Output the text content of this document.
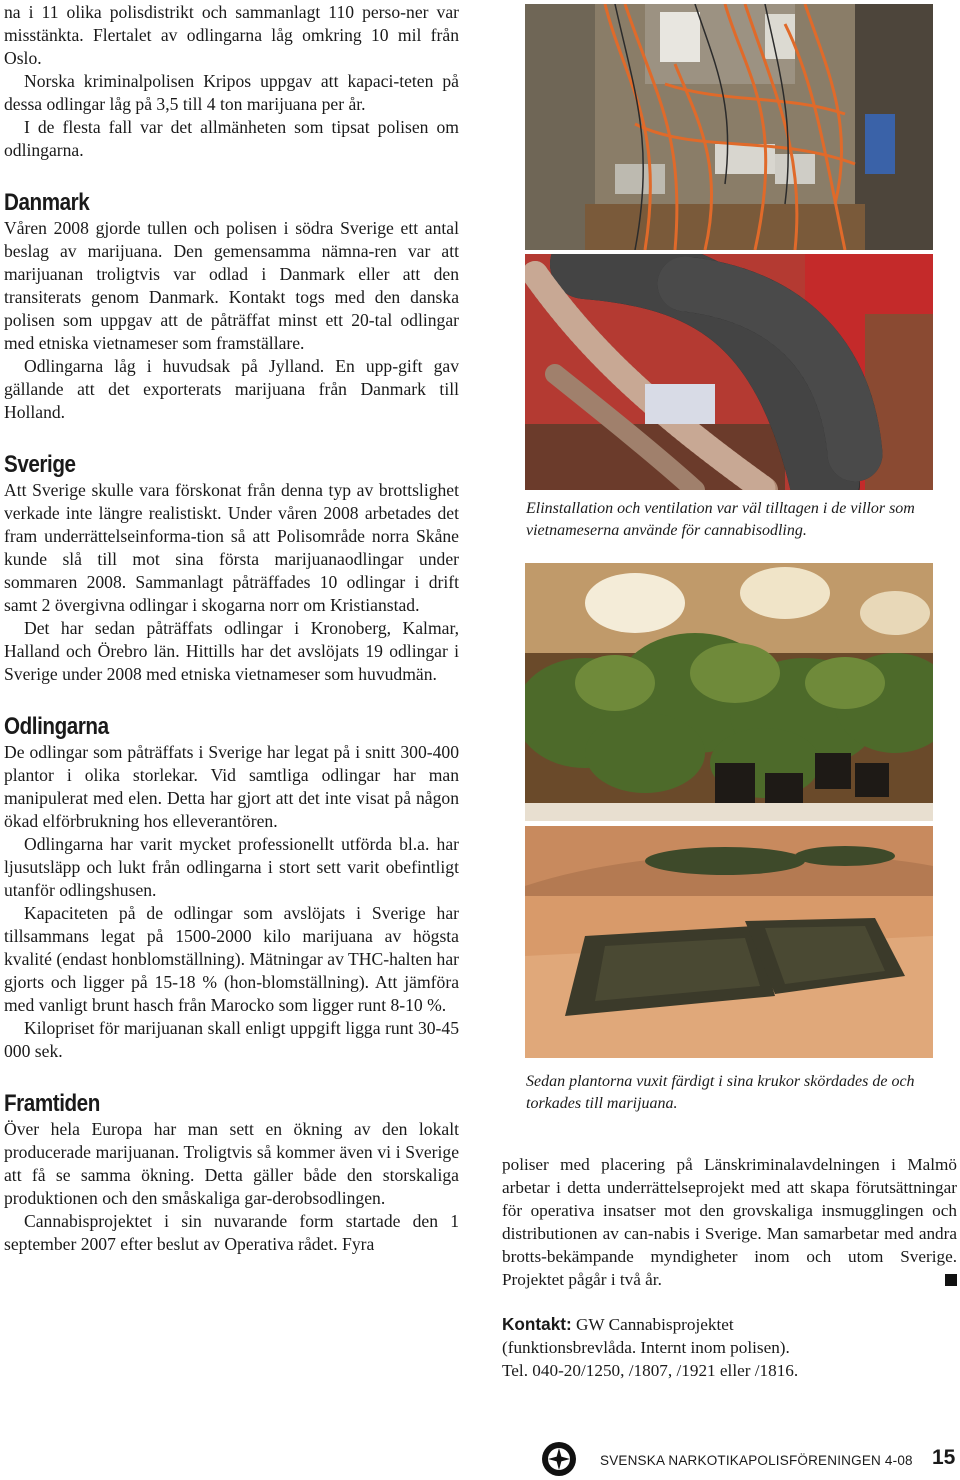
na i 11 olika polisdistrikt och sammanlagt 110 perso-ner var misstänkta. Flertalet av odlingarna låg omkring 10 mil från Oslo.

Norska kriminalpolisen Kripos uppgav att kapaci-teten på dessa odlingar låg på 3,5 till 4 ton marijuana per år.

I de flesta fall var det allmänheten som tipsat polisen om odlingarna.

Danmark

Våren 2008 gjorde tullen och polisen i södra Sverige ett antal beslag av marijuana. Den gemensamma nämna-ren var att marijuanan troligtvis var odlad i Danmark eller att den transiterats genom Danmark. Kontakt togs med den danska polisen som uppgav att de påträffat minst ett 20-tal odlingar med etniska vietnameser som framställare.

Odlingarna låg i huvudsak på Jylland. En upp-gift gav gällande att det exporterats marijuana från Danmark till Holland.

Sverige

Att Sverige skulle vara förskonat från denna typ av brottslighet verkade inte längre realistiskt. Under våren 2008 arbetades det fram underrättelseinforma-tion så att Polisområde norra Skåne kunde slå till mot sina första marijuanaodlingar under sommaren 2008. Sammanlagt påträffades 10 odlingar i drift samt 2 övergivna odlingar i skogarna norr om Kristianstad.

Det har sedan påträffats odlingar i Kronoberg, Kalmar, Halland och Örebro län. Hittills har det avslöjats 19 odlingar i Sverige under 2008 med etniska vietnameser som huvudmän.

Odlingarna

De odlingar som påträffats i Sverige har legat på i snitt 300-400 plantor i olika storlekar. Vid samtliga odlingar har man manipulerat med elen. Detta har gjort att det inte visat på någon ökad elförbrukning hos elleverantören.

Odlingarna har varit mycket professionellt utförda bl.a. har ljusutsläpp och lukt från odlingarna i stort sett varit obefintligt utanför odlingshusen.

Kapaciteten på de odlingar som avslöjats i Sverige har tillsammans legat på 1500-2000 kilo marijuana av högsta kvalité (endast honblomställning). Mätningar av THC-halten har gjorts och ligger på 15-18 % (hon-blomställning). Att jämföra med vanligt brunt hasch från Marocko som ligger runt 8-10 %.

Kilopriset för marijuanan skall enligt uppgift ligga runt 30-45 000 sek.

Framtiden

Över hela Europa har man sett en ökning av den lokalt producerade marijuanan. Troligtvis så kommer även vi i Sverige att få se samma ökning. Detta gäller både den storskaliga produktionen och den småskaliga gar-derobsodlingen.

Cannabisprojektet i sin nuvarande form startade den 1 september 2007 efter beslut av Operativa rådet. Fyra

Elinstallation och ventilation var väl tilltagen i de villor som vietnameserna använde för cannabisodling.
Sedan plantorna vuxit färdigt i sina krukor skördades de och torkades till marijuana.

poliser med placering på Länskriminalavdelningen i Malmö arbetar i detta underrättelseprojekt med att skapa förutsättningar för operativa insatser mot den grovskaliga insmugglingen och distributionen av can-nabis i Sverige. Man samarbetar med andra brotts-bekämpande myndigheter inom och utom Sverige. Projektet pågår i två år.

Kontakt: GW Cannabisprojektet
(funktionsbrevlåda. Internt inom polisen).
Tel. 040-20/1250, /1807, /1921 eller /1816.

SVENSKA NARKOTIKAPOLISFÖRENINGEN 4-08 15
